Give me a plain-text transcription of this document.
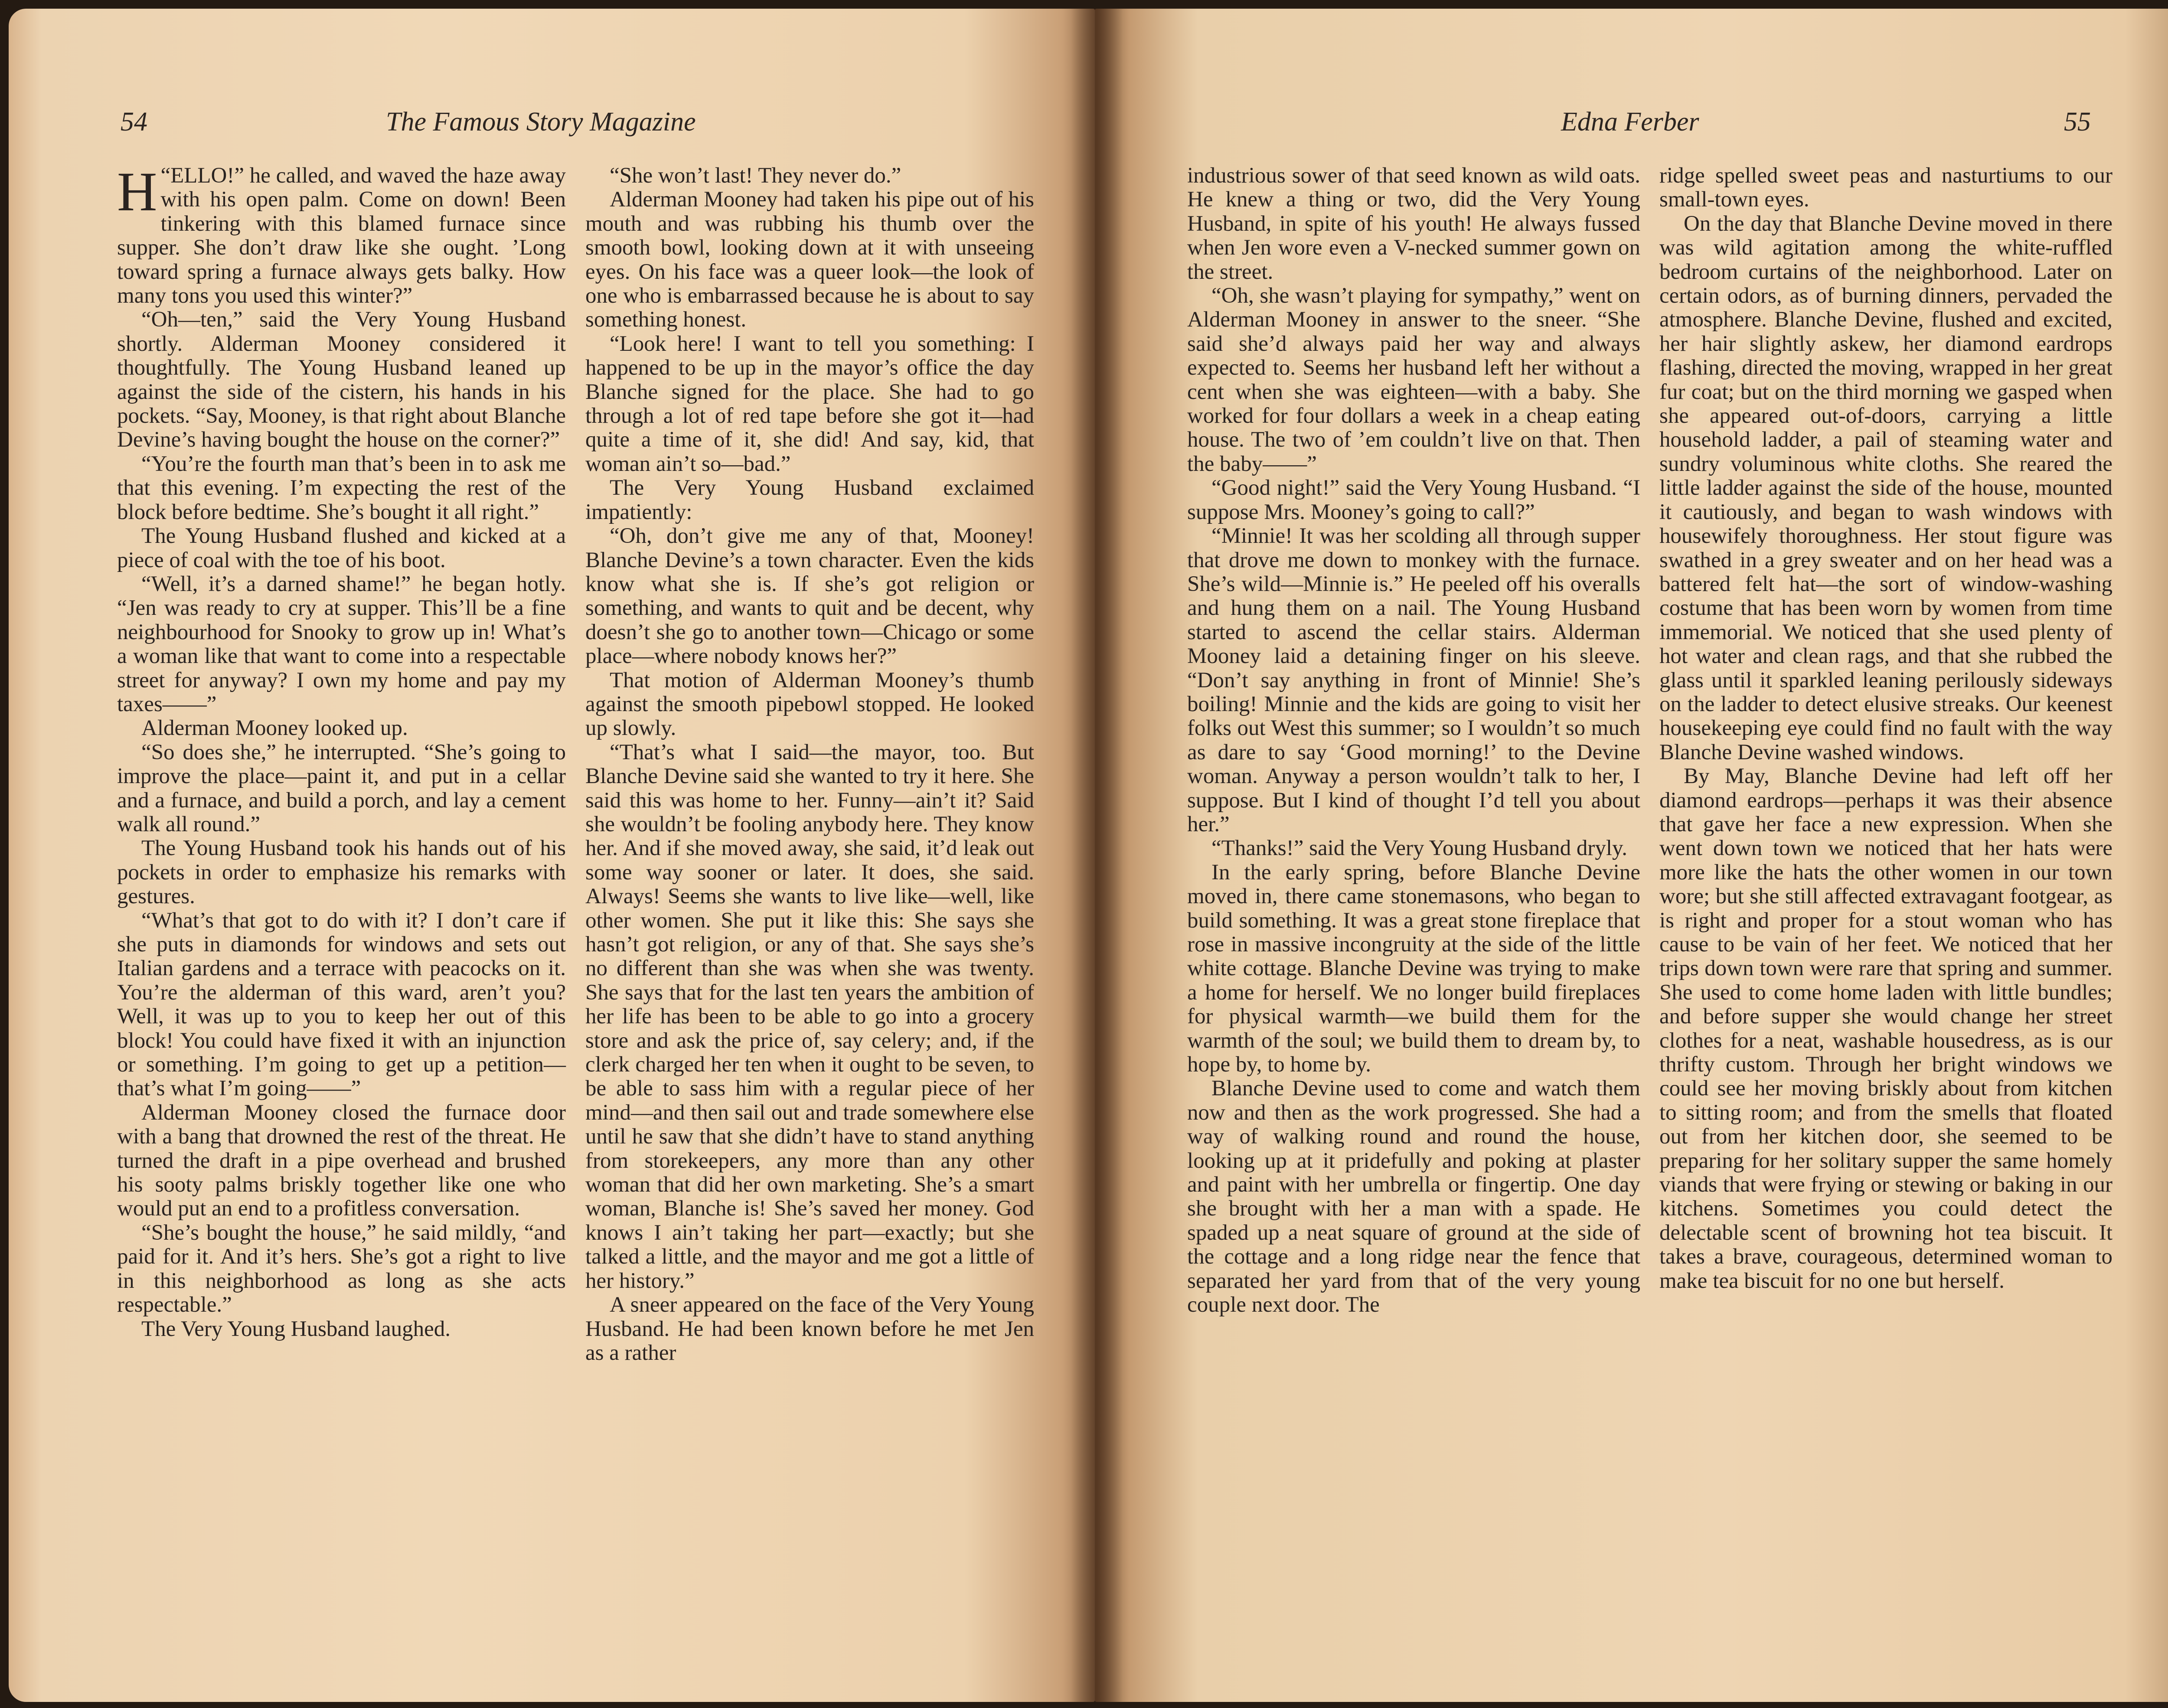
54	The Famous Story Magazine

“
H ELLO!” he called, and waved the haze away with his open palm. Come on down! Been tinkering with this blamed furnace since supper. She don’t draw like she ought. ’Long toward spring a furnace always gets balky. How many tons you used this winter?”

“Oh—ten,” said the Very Young Husband shortly. Alderman Mooney considered it thoughtfully. The Young Husband leaned up against the side of the cistern, his hands in his pockets. “Say, Mooney, is that right about Blanche Devine’s having bought the house on the corner?”

“You’re the fourth man that’s been in to ask me that this evening. I’m expecting the rest of the block before bedtime. She’s bought it all right.”

The Young Husband flushed and kicked at a piece of coal with the toe of his boot.

“Well, it’s a darned shame!” he began hotly. “Jen was ready to cry at supper. This’ll be a fine neighbourhood for Snooky to grow up in! What’s a woman like that want to come into a respectable street for anyway? I own my home and pay my taxes——”

Alderman Mooney looked up.

“So does she,” he interrupted. “She’s going to improve the place—paint it, and put in a cellar and a furnace, and build a porch, and lay a cement walk all round.”

The Young Husband took his hands out of his pockets in order to emphasize his remarks with gestures.

“What’s that got to do with it? I don’t care if she puts in diamonds for windows and sets out Italian gardens and a terrace with peacocks on it. You’re the alderman of this ward, aren’t you? Well, it was up to you to keep her out of this block! You could have fixed it with an injunction or something. I’m going to get up a petition—that’s what I’m going——”

Alderman Mooney closed the furnace door with a bang that drowned the rest of the threat. He turned the draft in a pipe overhead and brushed his sooty palms briskly together like one who would put an end to a profitless conversation.

“She’s bought the house,” he said mildly, “and paid for it. And it’s hers. She’s got a right to live in this neighborhood as long as she acts respectable.”

The Very Young Husband laughed.

“She won’t last! They never do.”

Alderman Mooney had taken his pipe out of his mouth and was rubbing his thumb over the smooth bowl, looking down at it with unseeing eyes. On his face was a queer look—the look of one who is embarrassed because he is about to say something honest.

“Look here! I want to tell you something: I happened to be up in the mayor’s office the day Blanche signed for the place. She had to go through a lot of red tape before she got it—had quite a time of it, she did! And say, kid, that woman ain’t so—bad.”

The Very Young Husband exclaimed impatiently:

“Oh, don’t give me any of that, Mooney! Blanche Devine’s a town character. Even the kids know what she is. If she’s got religion or something, and wants to quit and be decent, why doesn’t she go to another town—Chicago or some place—where nobody knows her?”

That motion of Alderman Mooney’s thumb against the smooth pipebowl stopped. He looked up slowly.

“That’s what I said—the mayor, too. But Blanche Devine said she wanted to try it here. She said this was home to her. Funny—ain’t it? Said she wouldn’t be fooling anybody here. They know her. And if she moved away, she said, it’d leak out some way sooner or later. It does, she said. Always! Seems she wants to live like—well, like other women. She put it like this: She says she hasn’t got religion, or any of that. She says she’s no different than she was when she was twenty. She says that for the last ten years the ambition of her life has been to be able to go into a grocery store and ask the price of, say celery; and, if the clerk charged her ten when it ought to be seven, to be able to sass him with a regular piece of her mind—and then sail out and trade somewhere else until he saw that she didn’t have to stand anything from storekeepers, any more than any other woman that did her own marketing. She’s a smart woman, Blanche is! She’s saved her money. God knows I ain’t taking her part—exactly; but she talked a little, and the mayor and me got a little of her history.”

A sneer appeared on the face of the Very Young Husband. He had been known before he met Jen as a rather

Edna Ferber	55

industrious sower of that seed known as wild oats. He knew a thing or two, did the Very Young Husband, in spite of his youth! He always fussed when Jen wore even a V-necked summer gown on the street.

“Oh, she wasn’t playing for sympathy,” went on Alderman Mooney in answer to the sneer. “She said she’d always paid her way and always expected to. Seems her husband left her without a cent when she was eighteen—with a baby. She worked for four dollars a week in a cheap eating house. The two of ’em couldn’t live on that. Then the baby——”

“Good night!” said the Very Young Husband. “I suppose Mrs. Mooney’s going to call?”

“Minnie! It was her scolding all through supper that drove me down to monkey with the furnace. She’s wild—Minnie is.” He peeled off his overalls and hung them on a nail. The Young Husband started to ascend the cellar stairs. Alderman Mooney laid a detaining finger on his sleeve. “Don’t say anything in front of Minnie! She’s boiling! Minnie and the kids are going to visit her folks out West this summer; so I wouldn’t so much as dare to say ‘Good morning!’ to the Devine woman. Anyway a person wouldn’t talk to her, I suppose. But I kind of thought I’d tell you about her.”

“Thanks!” said the Very Young Husband dryly.

In the early spring, before Blanche Devine moved in, there came stonemasons, who began to build something. It was a great stone fireplace that rose in massive incongruity at the side of the little white cottage. Blanche Devine was trying to make a home for herself. We no longer build fireplaces for physical warmth—we build them for the warmth of the soul; we build them to dream by, to hope by, to home by.

Blanche Devine used to come and watch them now and then as the work progressed. She had a way of walking round and round the house, looking up at it pridefully and poking at plaster and paint with her umbrella or fingertip. One day she brought with her a man with a spade. He spaded up a neat square of ground at the side of the cottage and a long ridge near the fence that separated her yard from that of the very young couple next door. The

ridge spelled sweet peas and nasturtiums to our small-town eyes.

On the day that Blanche Devine moved in there was wild agitation among the white-ruffled bedroom curtains of the neighborhood. Later on certain odors, as of burning dinners, pervaded the atmosphere. Blanche Devine, flushed and excited, her hair slightly askew, her diamond eardrops flashing, directed the moving, wrapped in her great fur coat; but on the third morning we gasped when she appeared out-of-doors, carrying a little household ladder, a pail of steaming water and sundry voluminous white cloths. She reared the little ladder against the side of the house, mounted it cautiously, and began to wash windows with housewifely thoroughness. Her stout figure was swathed in a grey sweater and on her head was a battered felt hat—the sort of window-washing costume that has been worn by women from time immemorial. We noticed that she used plenty of hot water and clean rags, and that she rubbed the glass until it sparkled leaning perilously sideways on the ladder to detect elusive streaks. Our keenest housekeeping eye could find no fault with the way Blanche Devine washed windows.

By May, Blanche Devine had left off her diamond eardrops—perhaps it was their absence that gave her face a new expression. When she went down town we noticed that her hats were more like the hats the other women in our town wore; but she still affected extravagant footgear, as is right and proper for a stout woman who has cause to be vain of her feet. We noticed that her trips down town were rare that spring and summer. She used to come home laden with little bundles; and before supper she would change her street clothes for a neat, washable housedress, as is our thrifty custom. Through her bright windows we could see her moving briskly about from kitchen to sitting room; and from the smells that floated out from her kitchen door, she seemed to be preparing for her solitary supper the same homely viands that were frying or stewing or baking in our kitchens. Sometimes you could detect the delectable scent of browning hot tea biscuit. It takes a brave, courageous, determined woman to make tea biscuit for no one but herself.
